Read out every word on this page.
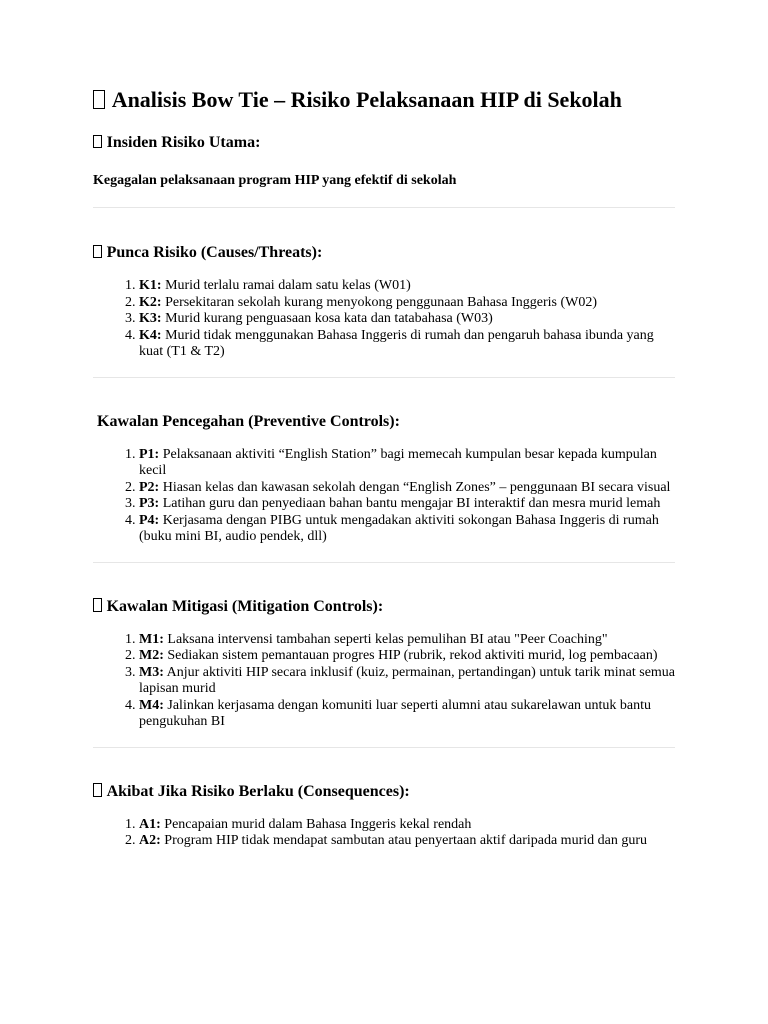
Analisis Bow Tie – Risiko Pelaksanaan HIP di Sekolah
Insiden Risiko Utama:

Kegagalan pelaksanaan program HIP yang efektif di sekolah

Punca Risiko (Causes/Threats):
1. K1: Murid terlalu ramai dalam satu kelas (W01)
2. K2: Persekitaran sekolah kurang menyokong penggunaan Bahasa Inggeris (W02)
3. K3: Murid kurang penguasaan kosa kata dan tatabahasa (W03)
4. K4: Murid tidak menggunakan Bahasa Inggeris di rumah dan pengaruh bahasa ibunda yang kuat (T1 & T2)
Kawalan Pencegahan (Preventive Controls):
1. P1: Pelaksanaan aktiviti “English Station” bagi memecah kumpulan besar kepada kumpulan kecil
2. P2: Hiasan kelas dan kawasan sekolah dengan “English Zones” – penggunaan BI secara visual
3. P3: Latihan guru dan penyediaan bahan bantu mengajar BI interaktif dan mesra murid lemah
4. P4: Kerjasama dengan PIBG untuk mengadakan aktiviti sokongan Bahasa Inggeris di rumah (buku mini BI, audio pendek, dll)
Kawalan Mitigasi (Mitigation Controls):
1. M1: Laksana intervensi tambahan seperti kelas pemulihan BI atau "Peer Coaching"
2. M2: Sediakan sistem pemantauan progres HIP (rubrik, rekod aktiviti murid, log pembacaan)
3. M3: Anjur aktiviti HIP secara inklusif (kuiz, permainan, pertandingan) untuk tarik minat semua lapisan murid
4. M4: Jalinkan kerjasama dengan komuniti luar seperti alumni atau sukarelawan untuk bantu pengukuhan BI
Akibat Jika Risiko Berlaku (Consequences):
1. A1: Pencapaian murid dalam Bahasa Inggeris kekal rendah
2. A2: Program HIP tidak mendapat sambutan atau penyertaan aktif daripada murid dan guru
